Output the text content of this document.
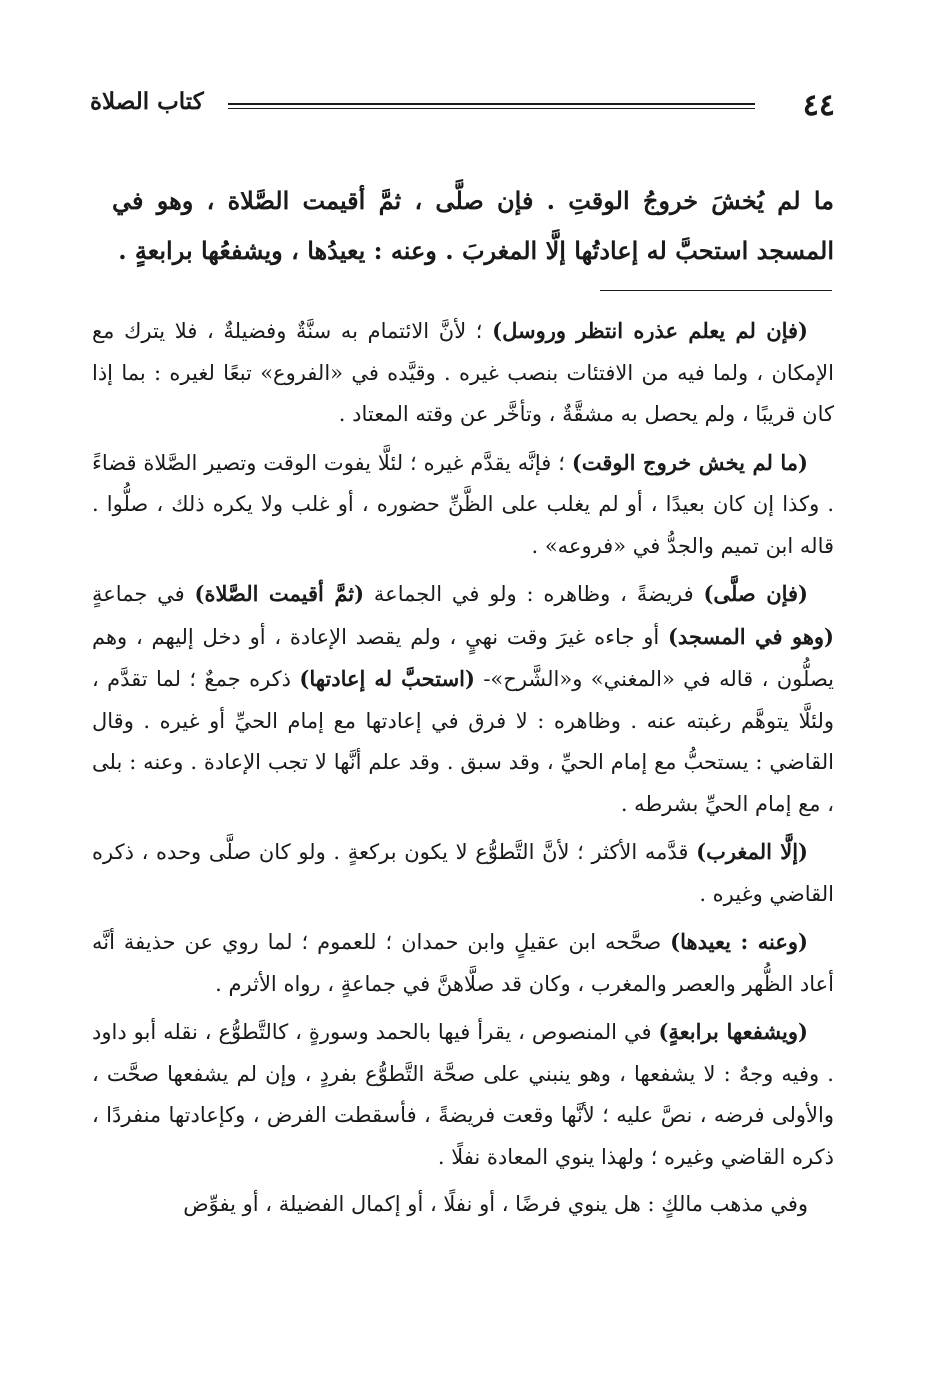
٤٤
كتاب الصلاة
ما لم يُخشَ خروجُ الوقتِ . فإن صلَّى ، ثمَّ أقيمت الصَّلاة ، وهو في المسجد استحبَّ له إعادتُها إلَّا المغربَ . وعنه : يعيدُها ، ويشفعُها برابعةٍ .

(فإن لم يعلم عذره انتظر وروسل) ؛ لأنَّ الائتمام به سنَّةٌ وفضيلةٌ ، فلا يترك مع الإمكان ، ولما فيه من الافتئات بنصب غيره . وقيَّده في «الفروع» تبعًا لغيره : بما إذا كان قريبًا ، ولم يحصل به مشقَّةٌ ، وتأخَّر عن وقته المعتاد .

(ما لم يخش خروج الوقت) ؛ فإنَّه يقدَّم غيره ؛ لئلَّا يفوت الوقت وتصير الصَّلاة قضاءً . وكذا إن كان بعيدًا ، أو لم يغلب على الظَّنِّ حضوره ، أو غلب ولا يكره ذلك ، صلُّوا . قاله ابن تميم والجدُّ في «فروعه» .

(فإن صلَّى) فريضةً ، وظاهره : ولو في الجماعة (ثمَّ أقيمت الصَّلاة) في جماعةٍ (وهو في المسجد) أو جاءه غيرَ وقت نهيٍ ، ولم يقصد الإعادة ، أو دخل إليهم ، وهم يصلُّون ، قاله في «المغني» و«الشَّرح»- (استحبَّ له إعادتها) ذكره جمعٌ ؛ لما تقدَّم ، ولئلَّا يتوهَّم رغبته عنه . وظاهره : لا فرق في إعادتها مع إمام الحيِّ أو غيره . وقال القاضي : يستحبُّ مع إمام الحيِّ ، وقد سبق . وقد علم أنَّها لا تجب الإعادة . وعنه : بلى ، مع إمام الحيِّ بشرطه .

(إلَّا المغرب) قدَّمه الأكثر ؛ لأنَّ التَّطوُّع لا يكون بركعةٍ . ولو كان صلَّى وحده ، ذكره القاضي وغيره .

(وعنه : يعيدها) صحَّحه ابن عقيلٍ وابن حمدان ؛ للعموم ؛ لما روي عن حذيفة أنَّه أعاد الظُّهر والعصر والمغرب ، وكان قد صلَّاهنَّ في جماعةٍ ، رواه الأثرم .

(ويشفعها برابعةٍ) في المنصوص ، يقرأ فيها بالحمد وسورةٍ ، كالتَّطوُّع ، نقله أبو داود . وفيه وجهٌ : لا يشفعها ، وهو ينبني على صحَّة التَّطوُّع بفردٍ ، وإن لم يشفعها صحَّت ، والأولى فرضه ، نصَّ عليه ؛ لأنَّها وقعت فريضةً ، فأسقطت الفرض ، وكإعادتها منفردًا ، ذكره القاضي وغيره ؛ ولهذا ينوي المعادة نفلًا .

وفي مذهب مالكٍ : هل ينوي فرضًا ، أو نفلًا ، أو إكمال الفضيلة ، أو يفوِّض
